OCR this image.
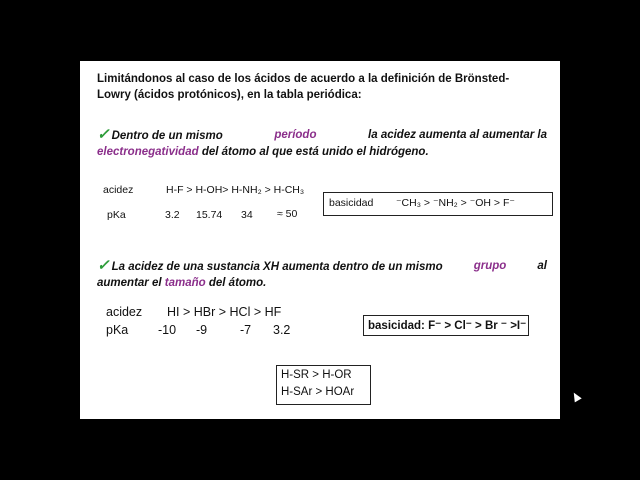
Limitándonos al caso de los ácidos de acuerdo a la definición de Brönsted-
Lowry (ácidos protónicos), en la tabla periódica:
✓ Dentro de un mismo	período	la acidez aumenta al aumentar la
electronegatividad del átomo al que está unido el hidrógeno.
acidez	H-F > H-OH> H-NH₂ > H-CH₃
pKa	3.2 15.74 34 ≈ 50
basicidad ⁻CH₃ > ⁻NH₂ > ⁻OH > F⁻
✓ La acidez de una sustancia XH aumenta dentro de un mismo	grupo	al
aumentar el tamaño del átomo.
acidez HI > HBr > HCl > HF
pKa -10 -9	-7 3.2	basicidad: F⁻ > Cl⁻ > Br ⁻ >I⁻
H-SR > H-OR
H-SAr > HOAr
